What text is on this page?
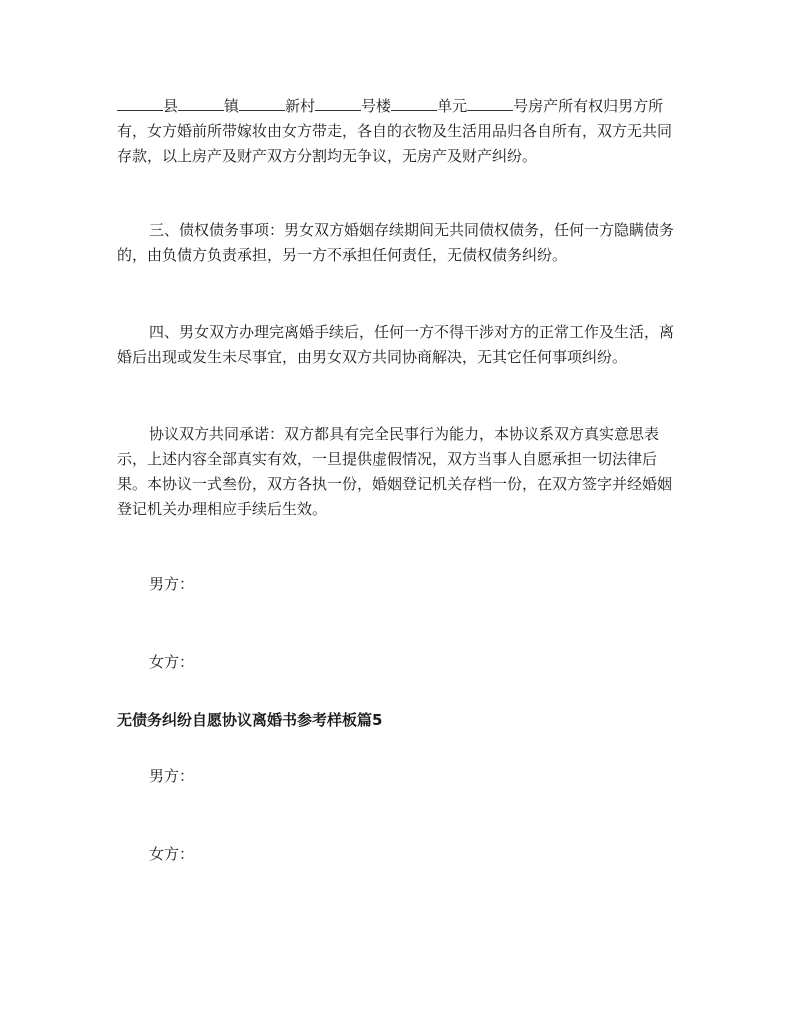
县	镇	新村	号楼	单元	号房产所有权归男方所有，女方婚前所带嫁妆由女方带走，各自的衣物及生活用品归各自所有，双方无共同存款，以上房产及财产双方分割均无争议，无房产及财产纠纷。

三、债权债务事项：男女双方婚姻存续期间无共同债权债务，任何一方隐瞒债务的，由负债方负责承担，另一方不承担任何责任，无债权债务纠纷。

四、男女双方办理完离婚手续后，任何一方不得干涉对方的正常工作及生活，离婚后出现或发生未尽事宜，由男女双方共同协商解决，无其它任何事项纠纷。

协议双方共同承诺：双方都具有完全民事行为能力，本协议系双方真实意思表示，上述内容全部真实有效，一旦提供虚假情况，双方当事人自愿承担一切法律后果。本协议一式叁份，双方各执一份，婚姻登记机关存档一份，在双方签字并经婚姻登记机关办理相应手续后生效。

男方：

女方：

无债务纠纷自愿协议离婚书参考样板篇5

男方：

女方：
